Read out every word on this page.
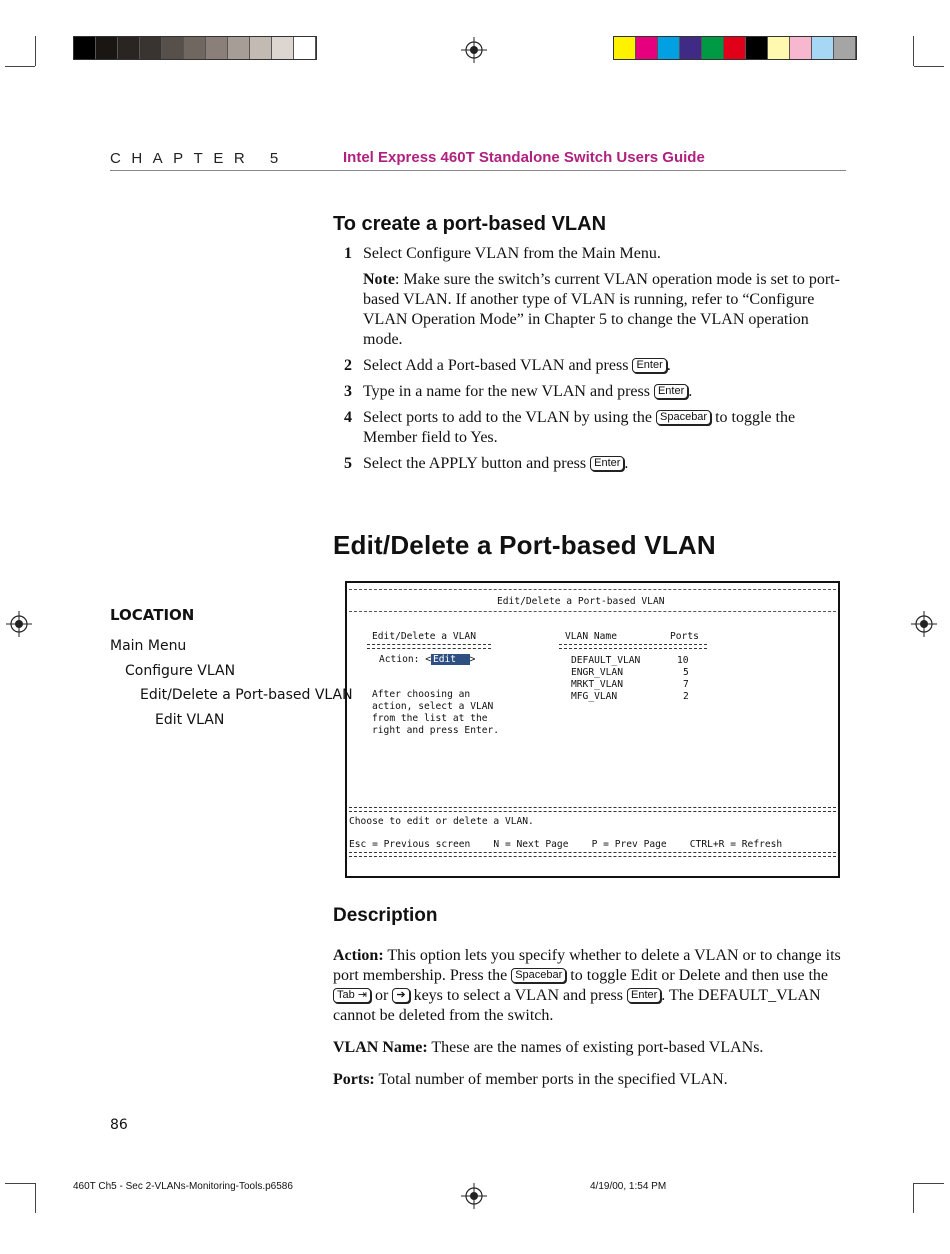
CHAPTER 5	Intel Express 460T Standalone Switch Users Guide
To create a port-based VLAN
1 Select Configure VLAN from the Main Menu.
Note: Make sure the switch’s current VLAN operation mode is set to port-based VLAN. If another type of VLAN is running, refer to “Configure VLAN Operation Mode” in Chapter 5 to change the VLAN operation mode.
2 Select Add a Port-based VLAN and press Enter .
3 Type in a name for the new VLAN and press Enter .
4 Select ports to add to the VLAN by using the Spacebar to toggle the Member field to Yes.
5 Select the APPLY button and press Enter .
Edit/Delete a Port-based VLAN
LOCATION
Main Menu
Configure VLAN
Edit/Delete a Port-based VLAN
Edit VLAN
Edit/Delete a Port-based VLAN
Edit/Delete a VLAN
Action: < Edit  >
After choosing an
action, select a VLAN
from the list at the
right and press Enter.
VLAN Name	Ports
DEFAULT_VLAN	10
ENGR_VLAN	5
MRKT_VLAN	7
MFG_VLAN	2
Choose to edit or delete a VLAN.
Esc = Previous screen    N = Next Page    P = Prev Page    CTRL+R = Refresh
Description

Action: This option lets you specify whether to delete a VLAN or to change its port membership. Press the Spacebar to toggle Edit or Delete and then use the Tab ⇥ or ➔ keys to select a VLAN and press Enter . The DEFAULT_VLAN cannot be deleted from the switch.

VLAN Name: These are the names of existing port-based VLANs.

Ports: Total number of member ports in the specified VLAN.

86
460T Ch5 - Sec 2-VLANs-Monitoring-Tools.p6586	4/19/00, 1:54 PM
